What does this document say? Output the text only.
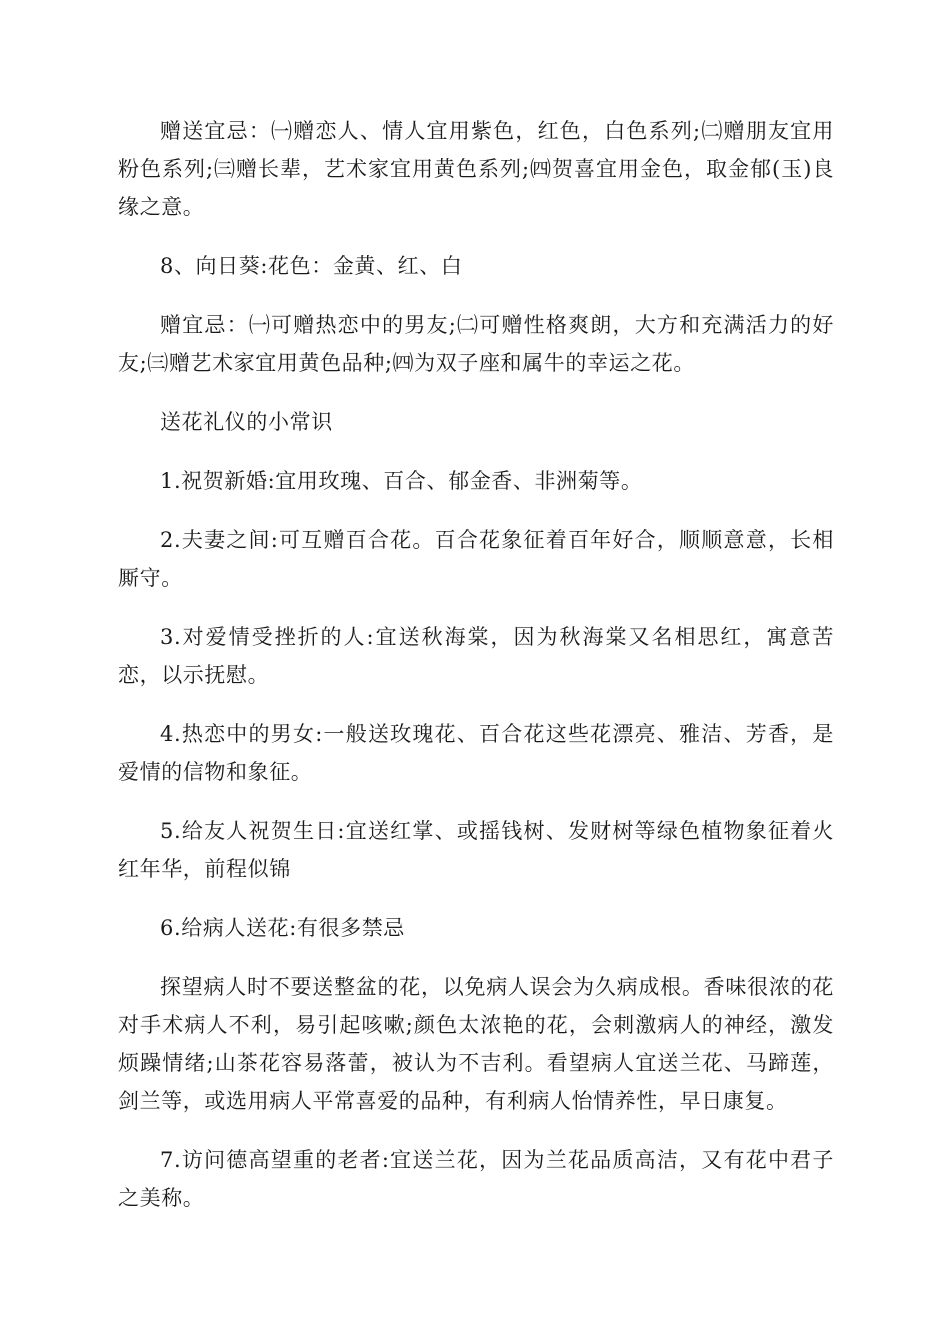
赠送宜忌：㈠赠恋人、情人宜用紫色，红色，白色系列;㈡赠朋友宜用粉色系列;㈢赠长辈，艺术家宜用黄色系列;㈣贺喜宜用金色，取金郁(玉)良缘之意。

8、向日葵:花色：金黄、红、白

赠宜忌：㈠可赠热恋中的男友;㈡可赠性格爽朗，大方和充满活力的好友;㈢赠艺术家宜用黄色品种;㈣为双子座和属牛的幸运之花。

送花礼仪的小常识

1.祝贺新婚:宜用玫瑰、百合、郁金香、非洲菊等。

2.夫妻之间:可互赠百合花。百合花象征着百年好合，顺顺意意，长相厮守。

3.对爱情受挫折的人:宜送秋海棠，因为秋海棠又名相思红，寓意苦恋，以示抚慰。

4.热恋中的男女:一般送玫瑰花、百合花这些花漂亮、雅洁、芳香，是爱情的信物和象征。

5.给友人祝贺生日:宜送红掌、或摇钱树、发财树等绿色植物象征着火红年华，前程似锦

6.给病人送花:有很多禁忌

探望病人时不要送整盆的花，以免病人误会为久病成根。香味很浓的花对手术病人不利，易引起咳嗽;颜色太浓艳的花，会刺激病人的神经，激发烦躁情绪;山茶花容易落蕾，被认为不吉利。看望病人宜送兰花、马蹄莲，剑兰等，或选用病人平常喜爱的品种，有利病人怡情养性，早日康复。

7.访问德高望重的老者:宜送兰花，因为兰花品质高洁，又有花中君子之美称。
